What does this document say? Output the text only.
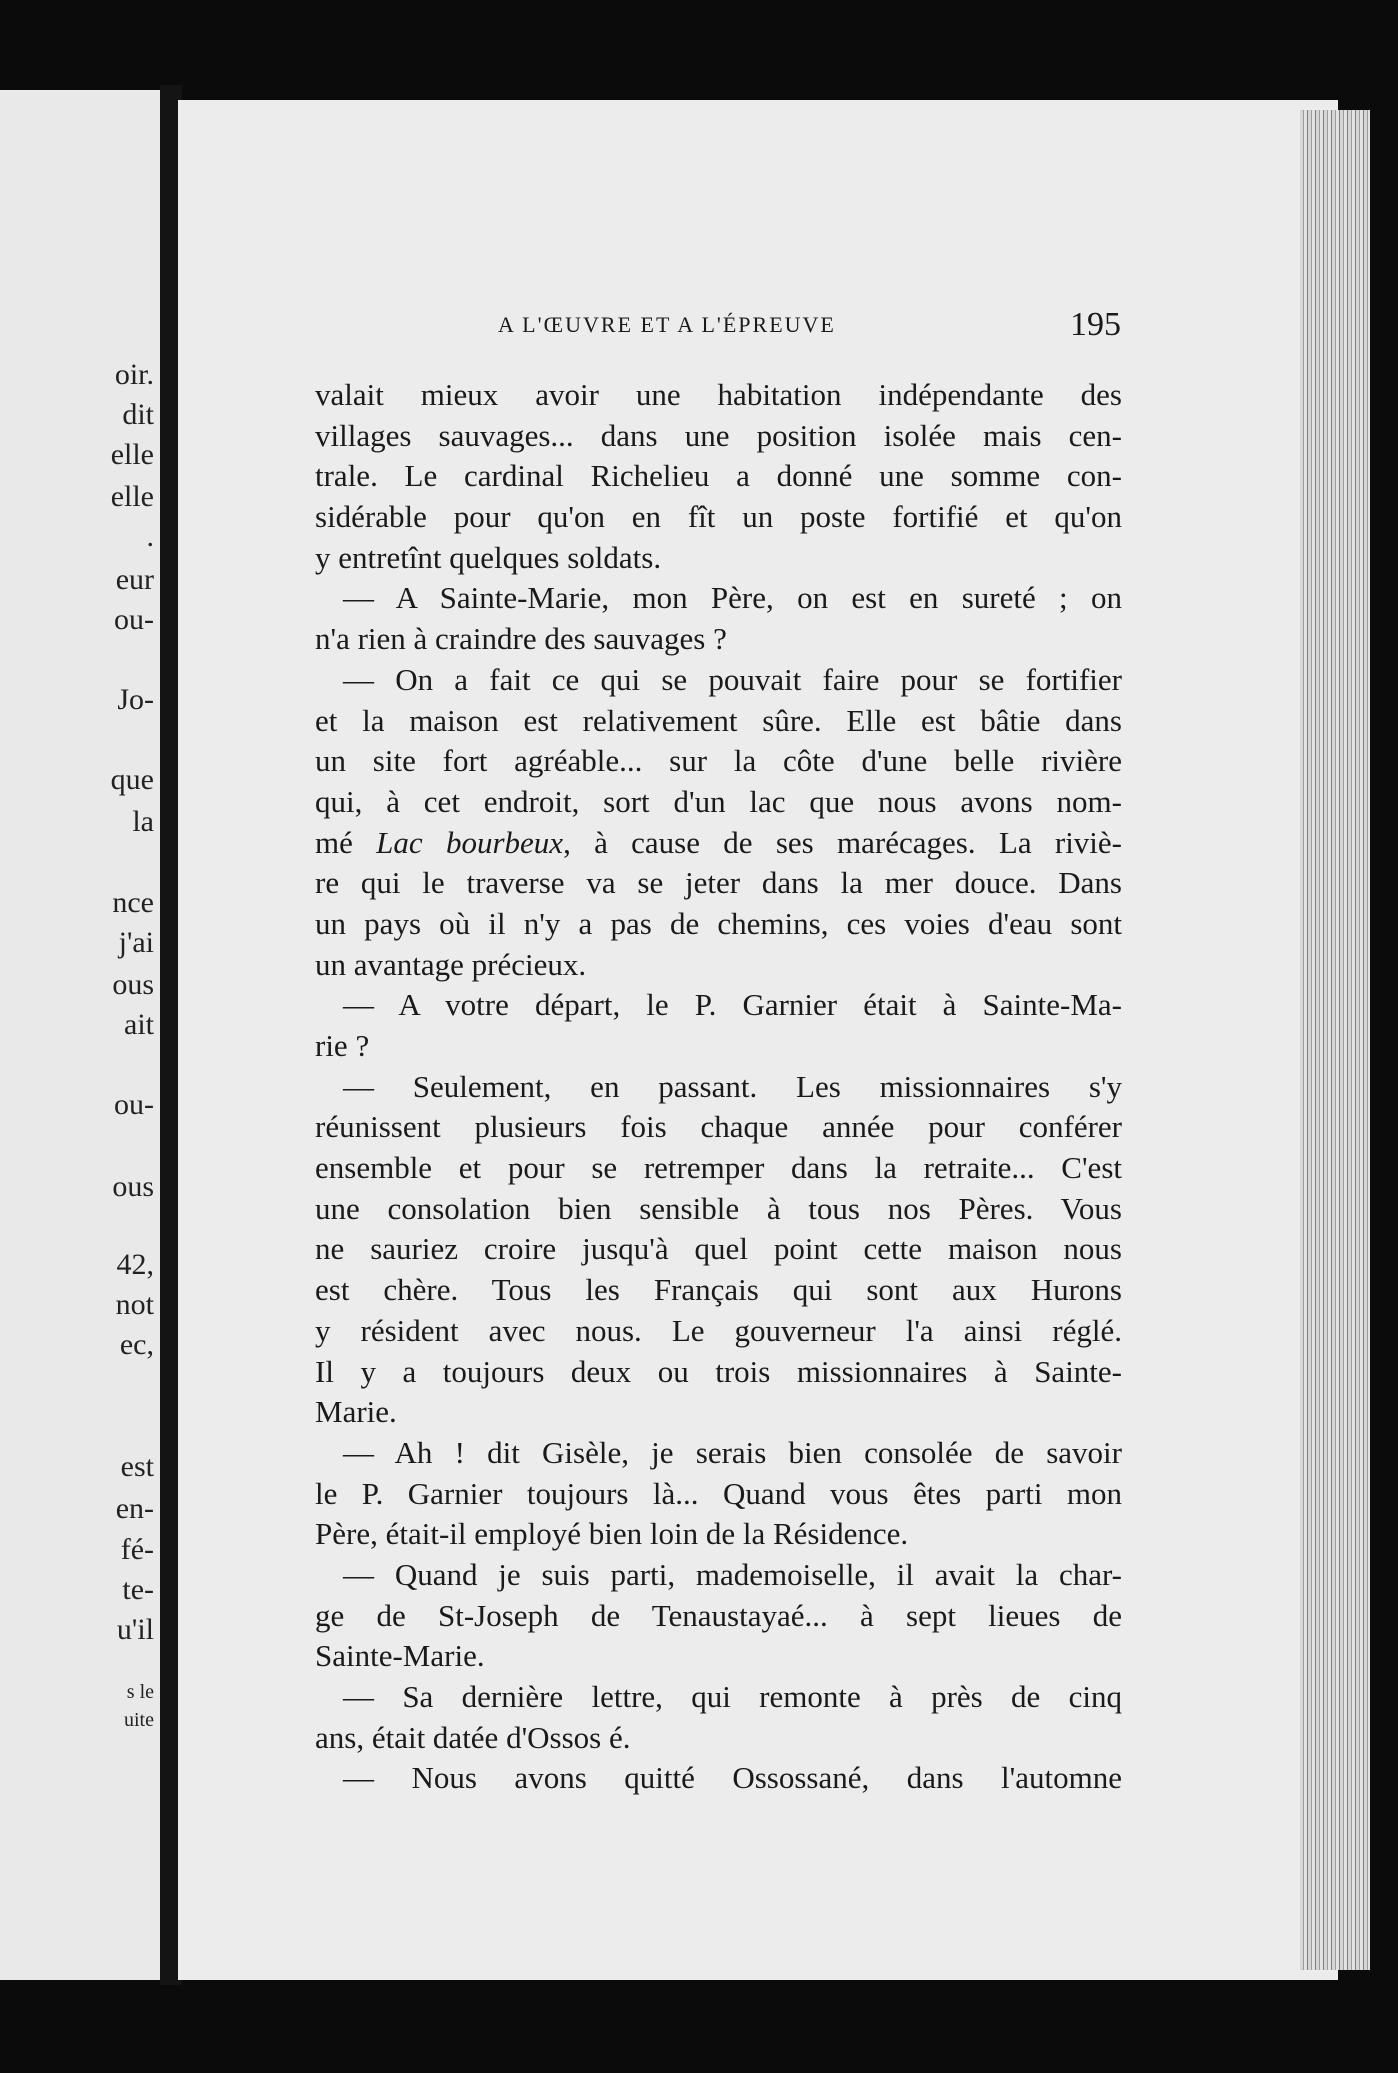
oir.
dit
elle
elle
.
eur
ou-
Jo-
que
la
nce
j'ai
ous
ait
ou-
ous
42,
not
ec,
est
en-
fé-
te-
u'il
s le
uite
A L'ŒUVRE ET A L'ÉPREUVE	195
valait mieux avoir une habitation indépendante des
villages sauvages... dans une position isolée mais cen-
trale. Le cardinal Richelieu a donné une somme con-
sidérable pour qu'on en fît un poste fortifié et qu'on
y entretînt quelques soldats.
— A Sainte-Marie, mon Père, on est en sureté ; on
n'a rien à craindre des sauvages ?
— On a fait ce qui se pouvait faire pour se fortifier
et la maison est relativement sûre. Elle est bâtie dans
un site fort agréable... sur la côte d'une belle rivière
qui, à cet endroit, sort d'un lac que nous avons nom-
mé Lac bourbeux, à cause de ses marécages. La riviè-
re qui le traverse va se jeter dans la mer douce. Dans
un pays où il n'y a pas de chemins, ces voies d'eau sont
un avantage précieux.
— A votre départ, le P. Garnier était à Sainte-Ma-
rie ?
— Seulement, en passant. Les missionnaires s'y
réunissent plusieurs fois chaque année pour conférer
ensemble et pour se retremper dans la retraite... C'est
une consolation bien sensible à tous nos Pères. Vous
ne sauriez croire jusqu'à quel point cette maison nous
est chère. Tous les Français qui sont aux Hurons
y résident avec nous. Le gouverneur l'a ainsi réglé.
Il y a toujours deux ou trois missionnaires à Sainte-
Marie.
— Ah ! dit Gisèle, je serais bien consolée de savoir
le P. Garnier toujours là... Quand vous êtes parti mon
Père, était-il employé bien loin de la Résidence.
— Quand je suis parti, mademoiselle, il avait la char-
ge de St-Joseph de Tenaustayaé... à sept lieues de
Sainte-Marie.
— Sa dernière lettre, qui remonte à près de cinq
ans, était datée d'Ossos é.
— Nous avons quitté Ossossané, dans l'automne
